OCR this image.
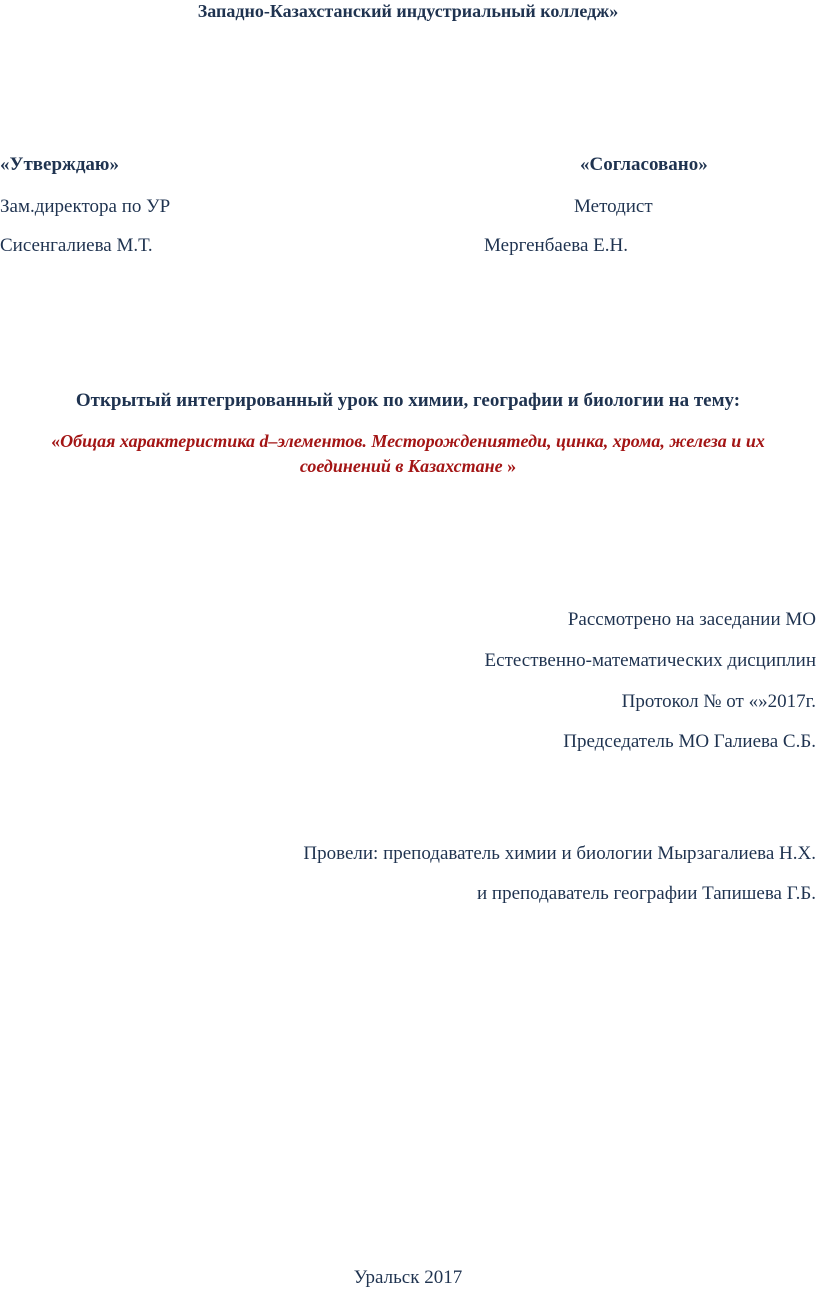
Западно-Казахстанский индустриальный колледж»
«Утверждаю»
Зам.директора по УР
Сисенгалиева М.Т.
«Согласовано»
Методист
Мергенбаева Е.Н.
Открытый интегрированный урок по химии, географии и биологии на тему:
«Общая характеристика d–элементов. Месторожденияmеди, цинка, хрома, железа и их
соединений в Казахстане »
Рассмотрено на заседании МО
Естественно-математических дисциплин
Протокол № от «»2017г.
Председатель МО Галиева С.Б.
Провели: преподаватель химии и биологии Мырзагалиева Н.Х.
и преподаватель географии Тапишева Г.Б.
Уральск 2017
